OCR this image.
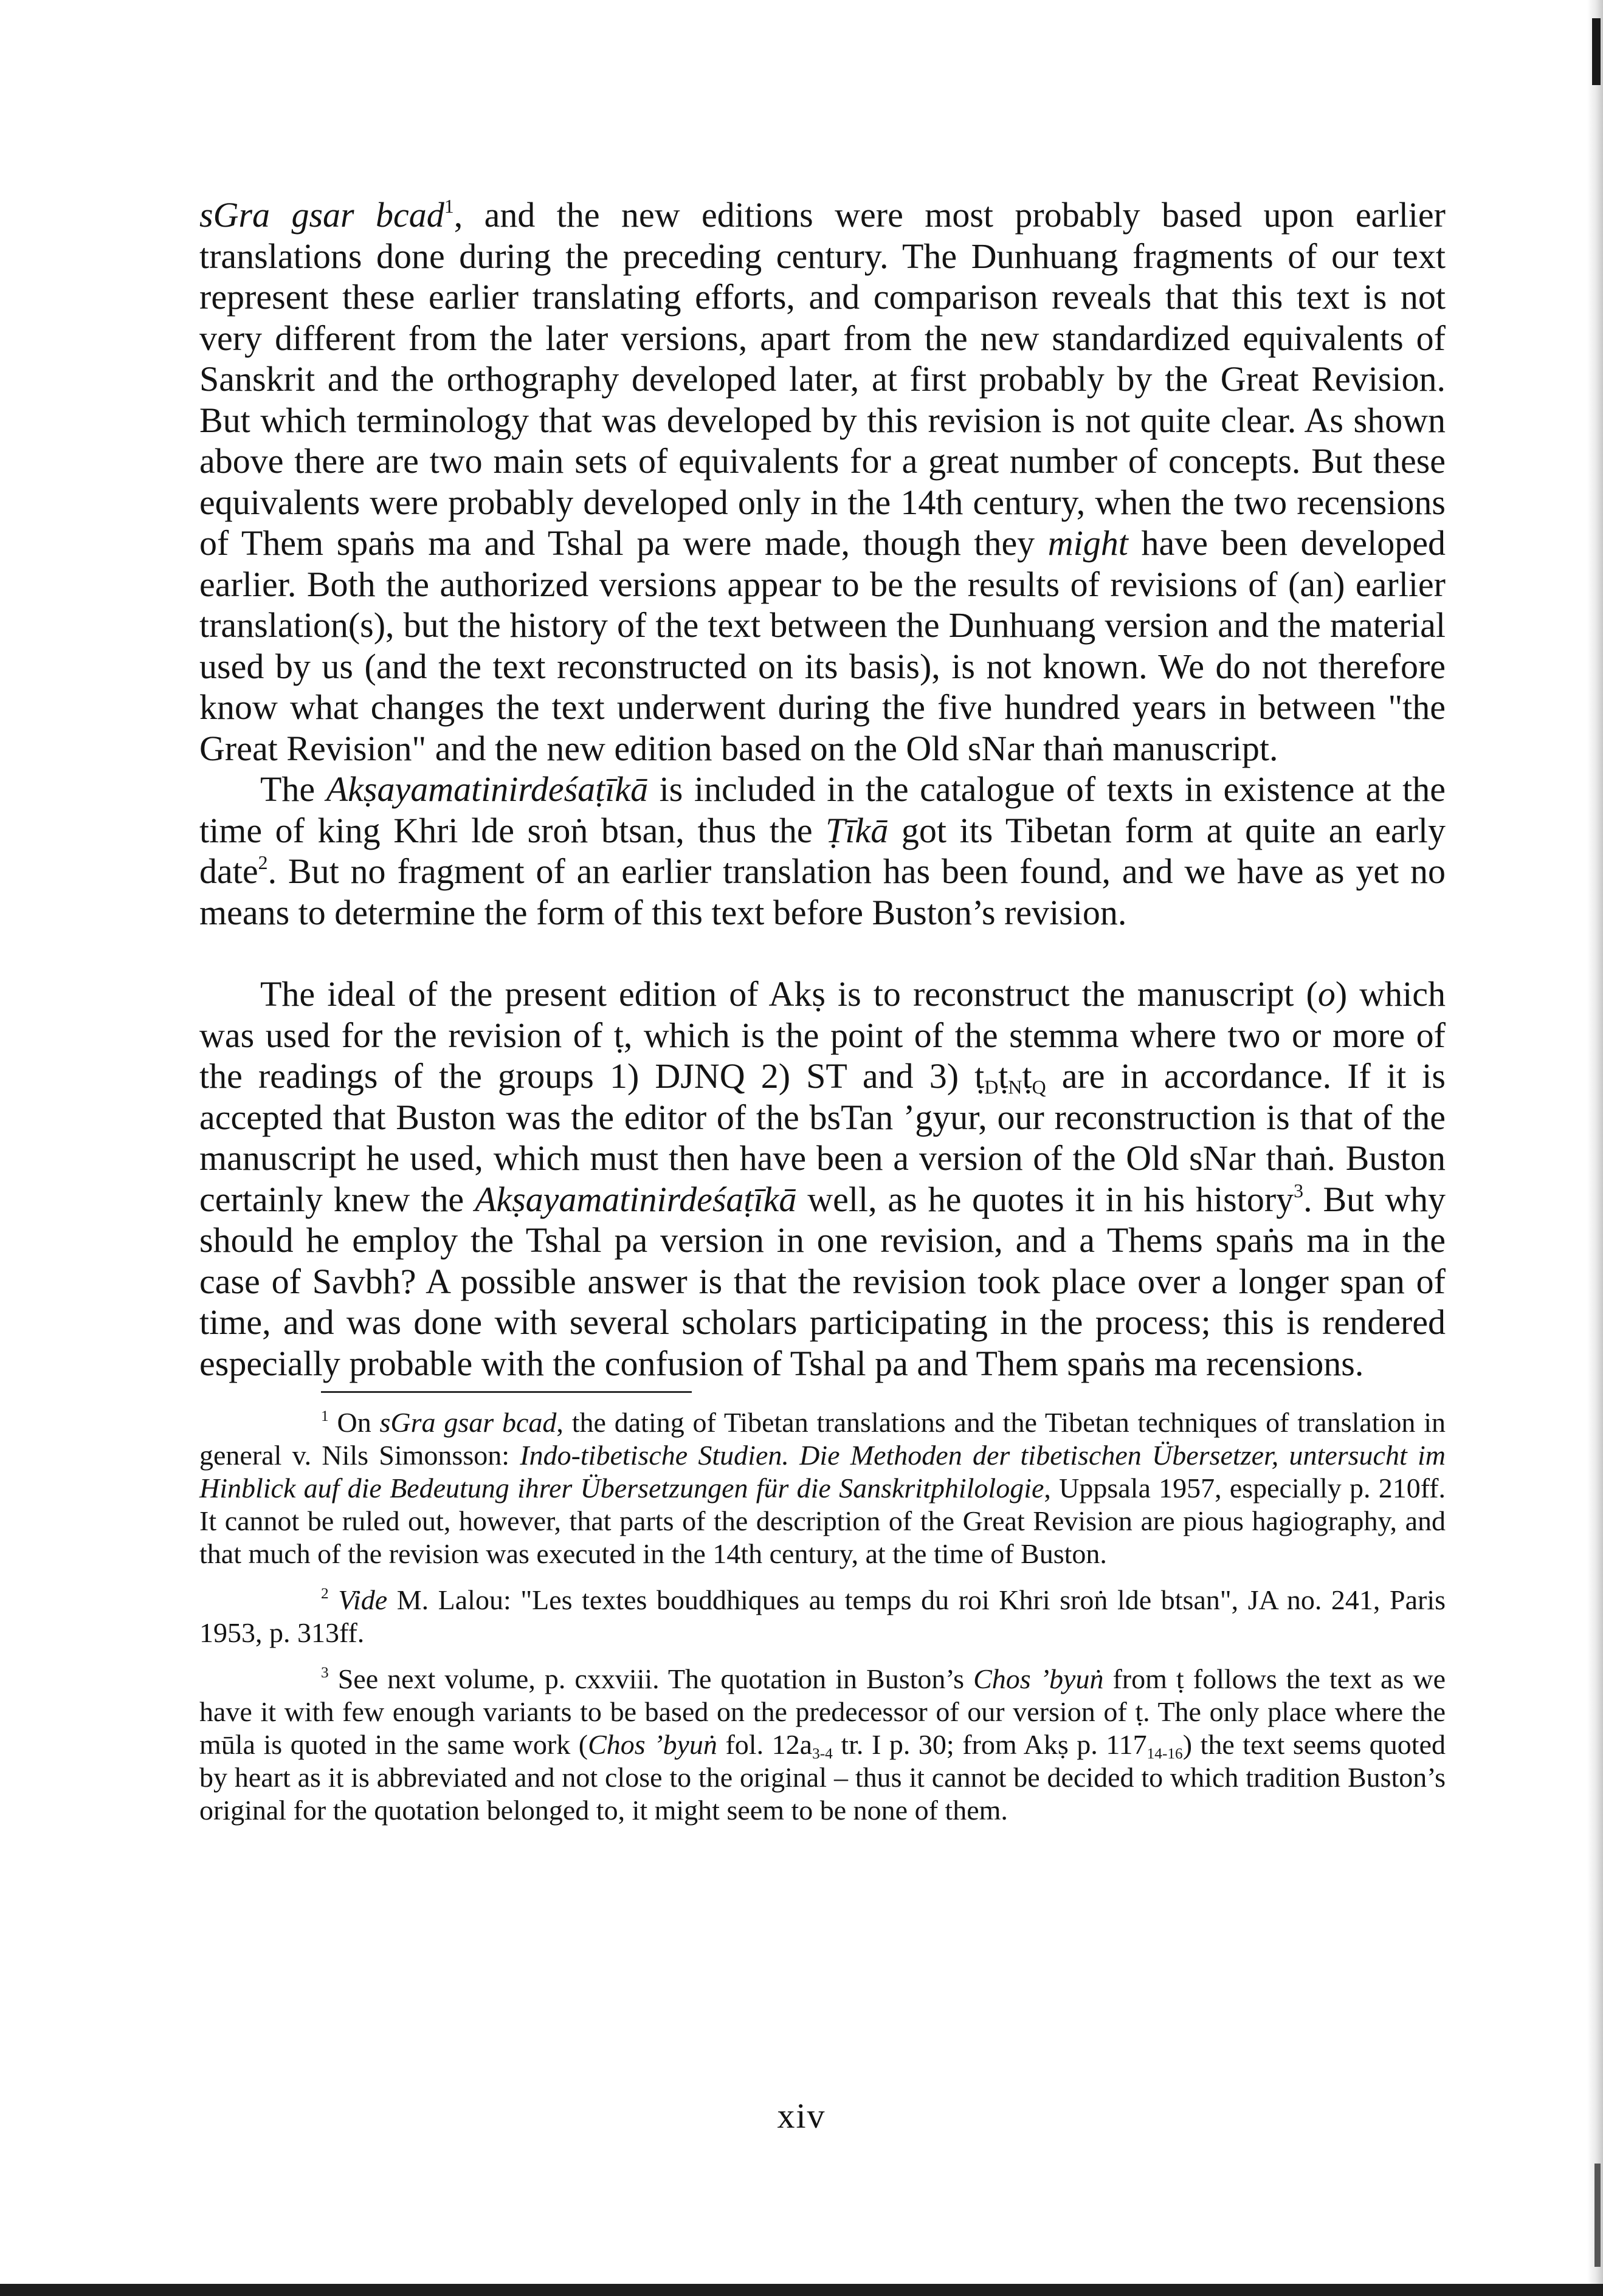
sGra gsar bcad$^1$, and the new editions were most probably based upon earlier translations done during the preceding century. The Dunhuang fragments of our text represent these earlier translating efforts, and comparison reveals that this text is not very different from the later versions, apart from the new standardized equivalents of Sanskrit and the orthography developed later, at first probably by the Great Revision. But which terminology that was developed by this revision is not quite clear. As shown above there are two main sets of equivalents for a great number of concepts. But these equivalents were probably developed only in the 14th century, when the two recensions of Them spaṅs ma and Tshal pa were made, though they might have been developed earlier. Both the authorized versions appear to be the results of revisions of (an) earlier translation(s), but the history of the text between the Dunhuang version and the material used by us (and the text reconstructed on its basis), is not known. We do not therefore know what changes the text underwent during the five hundred years in between "the Great Revision" and the new edition based on the Old sNar thaṅ manuscript.

The Akṣayamatinirdeśaṭīkā is included in the catalogue of texts in existence at the time of king Khri lde sroṅ btsan, thus the Ṭīkā got its Tibetan form at quite an early date$^2$. But no fragment of an earlier translation has been found, and we have as yet no means to determine the form of this text before Buston’s revision.

The ideal of the present edition of Akṣ is to reconstruct the manuscript (o) which was used for the revision of ṭ, which is the point of the stemma where two or more of the readings of the groups 1) DJNQ 2) ST and 3) ṭ$_D$ṭ$_N$ṭ$_Q$ are in accordance. If it is accepted that Buston was the editor of the bsTan ’gyur, our reconstruction is that of the manuscript he used, which must then have been a version of the Old sNar thaṅ. Buston certainly knew the Akṣayamatinirdeśaṭīkā well, as he quotes it in his history$^3$. But why should he employ the Tshal pa version in one revision, and a Thems spaṅs ma in the case of Savbh? A possible answer is that the revision took place over a longer span of time, and was done with several scholars participating in the process; this is rendered especially probable with the confusion of Tshal pa and Them spaṅs ma recensions.

$^1$ On sGra gsar bcad, the dating of Tibetan translations and the Tibetan techniques of translation in general v. Nils Simonsson: Indo-tibetische Studien. Die Methoden der tibetischen Übersetzer, untersucht im Hinblick auf die Bedeutung ihrer Übersetzungen für die Sanskritphilologie, Uppsala 1957, especially p. 210ff. It cannot be ruled out, however, that parts of the description of the Great Revision are pious hagiography, and that much of the revision was executed in the 14th century, at the time of Buston.

$^2$ Vide M. Lalou: "Les textes bouddhiques au temps du roi Khri sroṅ lde btsan", JA no. 241, Paris 1953, p. 313ff.

$^3$ See next volume, p. cxxviii. The quotation in Buston’s Chos ’byuṅ from ṭ follows the text as we have it with few enough variants to be based on the predecessor of our version of ṭ. The only place where the mūla is quoted in the same work (Chos ’byuṅ fol. $12a_{3-4}$ tr. I p. 30; from Akṣ p. $117_{14-16}$) the text seems quoted by heart as it is abbreviated and not close to the original – thus it cannot be decided to which tradition Buston’s original for the quotation belonged to, it might seem to be none of them.

xiv
